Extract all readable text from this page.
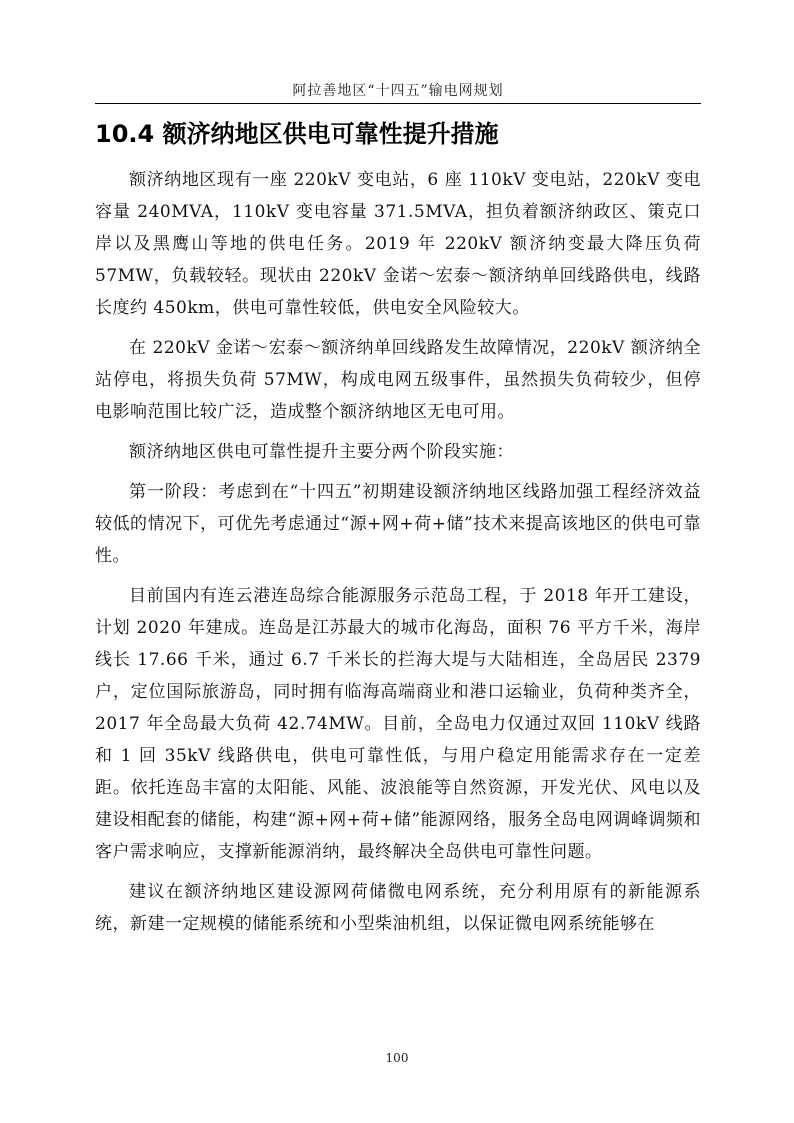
阿拉善地区“十四五”输电网规划
10.4 额济纳地区供电可靠性提升措施

额济纳地区现有一座 220kV 变电站，6 座 110kV 变电站，220kV 变电容量 240MVA，110kV 变电容量 371.5MVA，担负着额济纳政区、策克口岸以及黑鹰山等地的供电任务。2019 年 220kV 额济纳变最大降压负荷 57MW，负载较轻。现状由 220kV 金诺～宏泰～额济纳单回线路供电，线路长度约 450km，供电可靠性较低，供电安全风险较大。

在 220kV 金诺～宏泰～额济纳单回线路发生故障情况，220kV 额济纳全站停电，将损失负荷 57MW，构成电网五级事件，虽然损失负荷较少，但停电影响范围比较广泛，造成整个额济纳地区无电可用。

额济纳地区供电可靠性提升主要分两个阶段实施：

第一阶段：考虑到在“十四五”初期建设额济纳地区线路加强工程经济效益较低的情况下，可优先考虑通过“源+网+荷+储”技术来提高该地区的供电可靠性。

目前国内有连云港连岛综合能源服务示范岛工程，于 2018 年开工建设，计划 2020 年建成。连岛是江苏最大的城市化海岛，面积 76 平方千米，海岸线长 17.66 千米，通过 6.7 千米长的拦海大堤与大陆相连，全岛居民 2379 户，定位国际旅游岛，同时拥有临海高端商业和港口运输业，负荷种类齐全，2017 年全岛最大负荷 42.74MW。目前，全岛电力仅通过双回 110kV 线路和 1 回 35kV 线路供电，供电可靠性低，与用户稳定用能需求存在一定差距。依托连岛丰富的太阳能、风能、波浪能等自然资源，开发光伏、风电以及建设相配套的储能，构建“源+网+荷+储”能源网络，服务全岛电网调峰调频和客户需求响应，支撑新能源消纳，最终解决全岛供电可靠性问题。

建议在额济纳地区建设源网荷储微电网系统，充分利用原有的新能源系统，新建一定规模的储能系统和小型柴油机组，以保证微电网系统能够在

100
